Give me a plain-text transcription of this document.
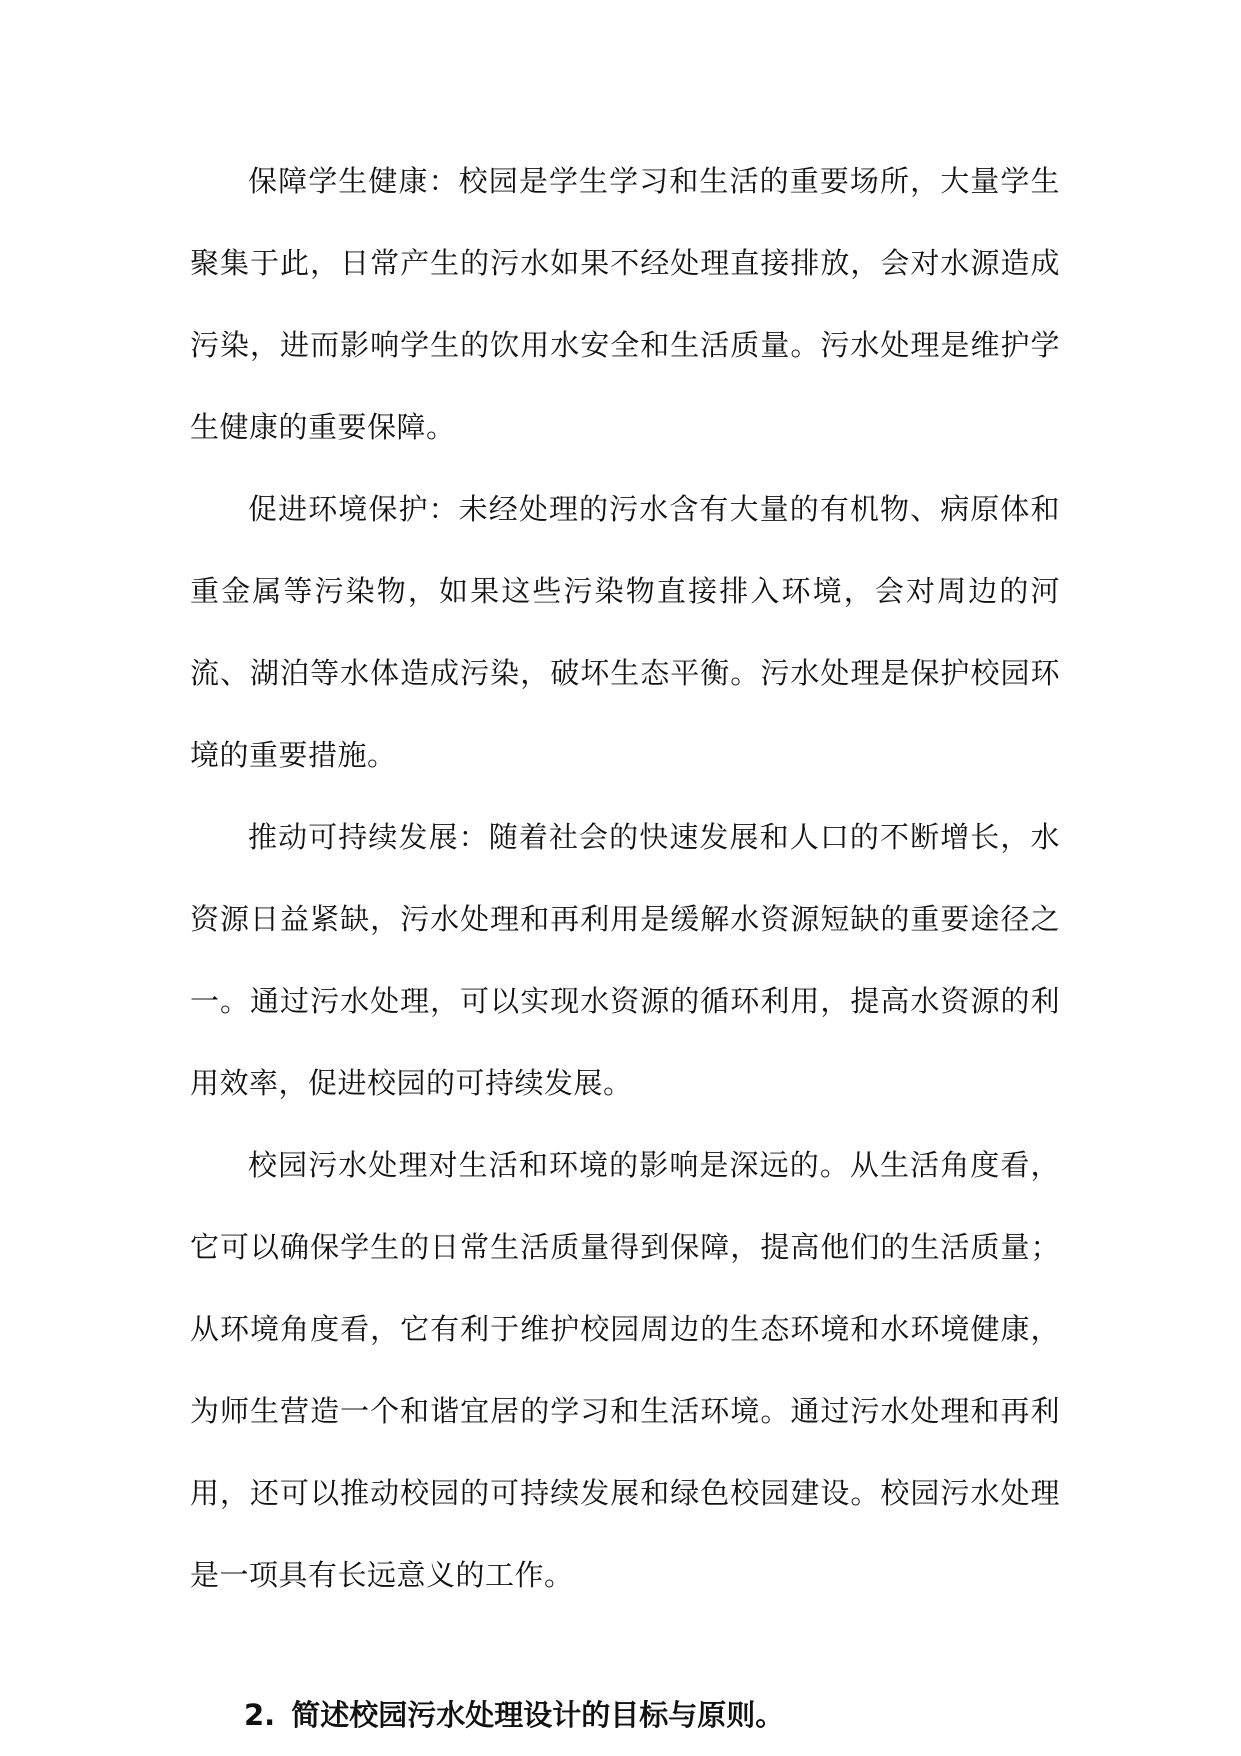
保障学生健康：校园是学生学习和生活的重要场所，大量学生聚集于此，日常产生的污水如果不经处理直接排放，会对水源造成污染，进而影响学生的饮用水安全和生活质量。污水处理是维护学生健康的重要保障。

促进环境保护：未经处理的污水含有大量的有机物、病原体和重金属等污染物，如果这些污染物直接排入环境，会对周边的河流、湖泊等水体造成污染，破坏生态平衡。污水处理是保护校园环境的重要措施。

推动可持续发展：随着社会的快速发展和人口的不断增长，水资源日益紧缺，污水处理和再利用是缓解水资源短缺的重要途径之一。通过污水处理，可以实现水资源的循环利用，提高水资源的利用效率，促进校园的可持续发展。

校园污水处理对生活和环境的影响是深远的。从生活角度看，它可以确保学生的日常生活质量得到保障，提高他们的生活质量；从环境角度看，它有利于维护校园周边的生态环境和水环境健康，为师生营造一个和谐宜居的学习和生活环境。通过污水处理和再利用，还可以推动校园的可持续发展和绿色校园建设。校园污水处理是一项具有长远意义的工作。

2. 简述校园污水处理设计的目标与原则。
